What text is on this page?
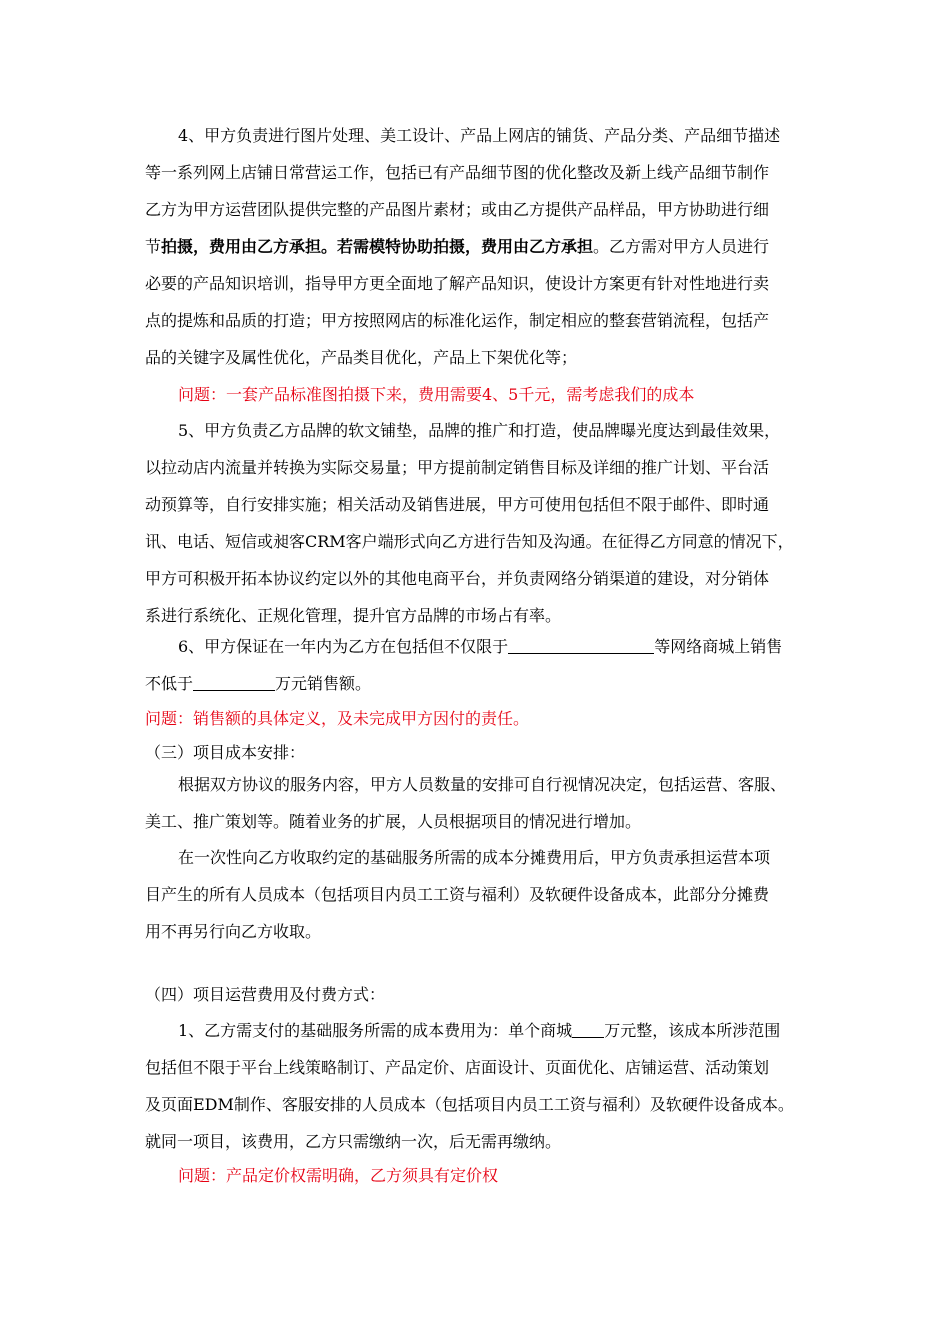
4、甲方负责进行图片处理、美工设计、产品上网店的铺货、产品分类、产品细节描述
等一系列网上店铺日常营运工作，包括已有产品细节图的优化整改及新上线产品细节制作
乙方为甲方运营团队提供完整的产品图片素材；或由乙方提供产品样品，甲方协助进行细
节拍摄，费用由乙方承担。若需模特协助拍摄，费用由乙方承担。乙方需对甲方人员进行
必要的产品知识培训，指导甲方更全面地了解产品知识，使设计方案更有针对性地进行卖
点的提炼和品质的打造；甲方按照网店的标准化运作，制定相应的整套营销流程，包括产
品的关键字及属性优化，产品类目优化，产品上下架优化等；
问题：一套产品标准图拍摄下来，费用需要4、5千元，需考虑我们的成本
5、甲方负责乙方品牌的软文铺垫，品牌的推广和打造，使品牌曝光度达到最佳效果，
以拉动店内流量并转换为实际交易量；甲方提前制定销售目标及详细的推广计划、平台活
动预算等，自行安排实施；相关活动及销售进展，甲方可使用包括但不限于邮件、即时通
讯、电话、短信或昶客CRM客户端形式向乙方进行告知及沟通。在征得乙方同意的情况下，
甲方可积极开拓本协议约定以外的其他电商平台，并负责网络分销渠道的建设，对分销体
系进行系统化、正规化管理，提升官方品牌的市场占有率。
6、甲方保证在一年内为乙方在包括但不仅限于	等网络商城上销售
不低于	万元销售额。
问题：销售额的具体定义，及未完成甲方因付的责任。
（三）项目成本安排：
根据双方协议的服务内容，甲方人员数量的安排可自行视情况决定，包括运营、客服、
美工、推广策划等。随着业务的扩展，人员根据项目的情况进行增加。
在一次性向乙方收取约定的基础服务所需的成本分摊费用后，甲方负责承担运营本项
目产生的所有人员成本（包括项目内员工工资与福利）及软硬件设备成本，此部分分摊费
用不再另行向乙方收取。
（四）项目运营费用及付费方式：
1、乙方需支付的基础服务所需的成本费用为：单个商城 万元整，该成本所涉范围
包括但不限于平台上线策略制订、产品定价、店面设计、页面优化、店铺运营、活动策划
及页面EDM制作、客服安排的人员成本（包括项目内员工工资与福利）及软硬件设备成本。
就同一项目，该费用，乙方只需缴纳一次，后无需再缴纳。
问题：产品定价权需明确，乙方须具有定价权
